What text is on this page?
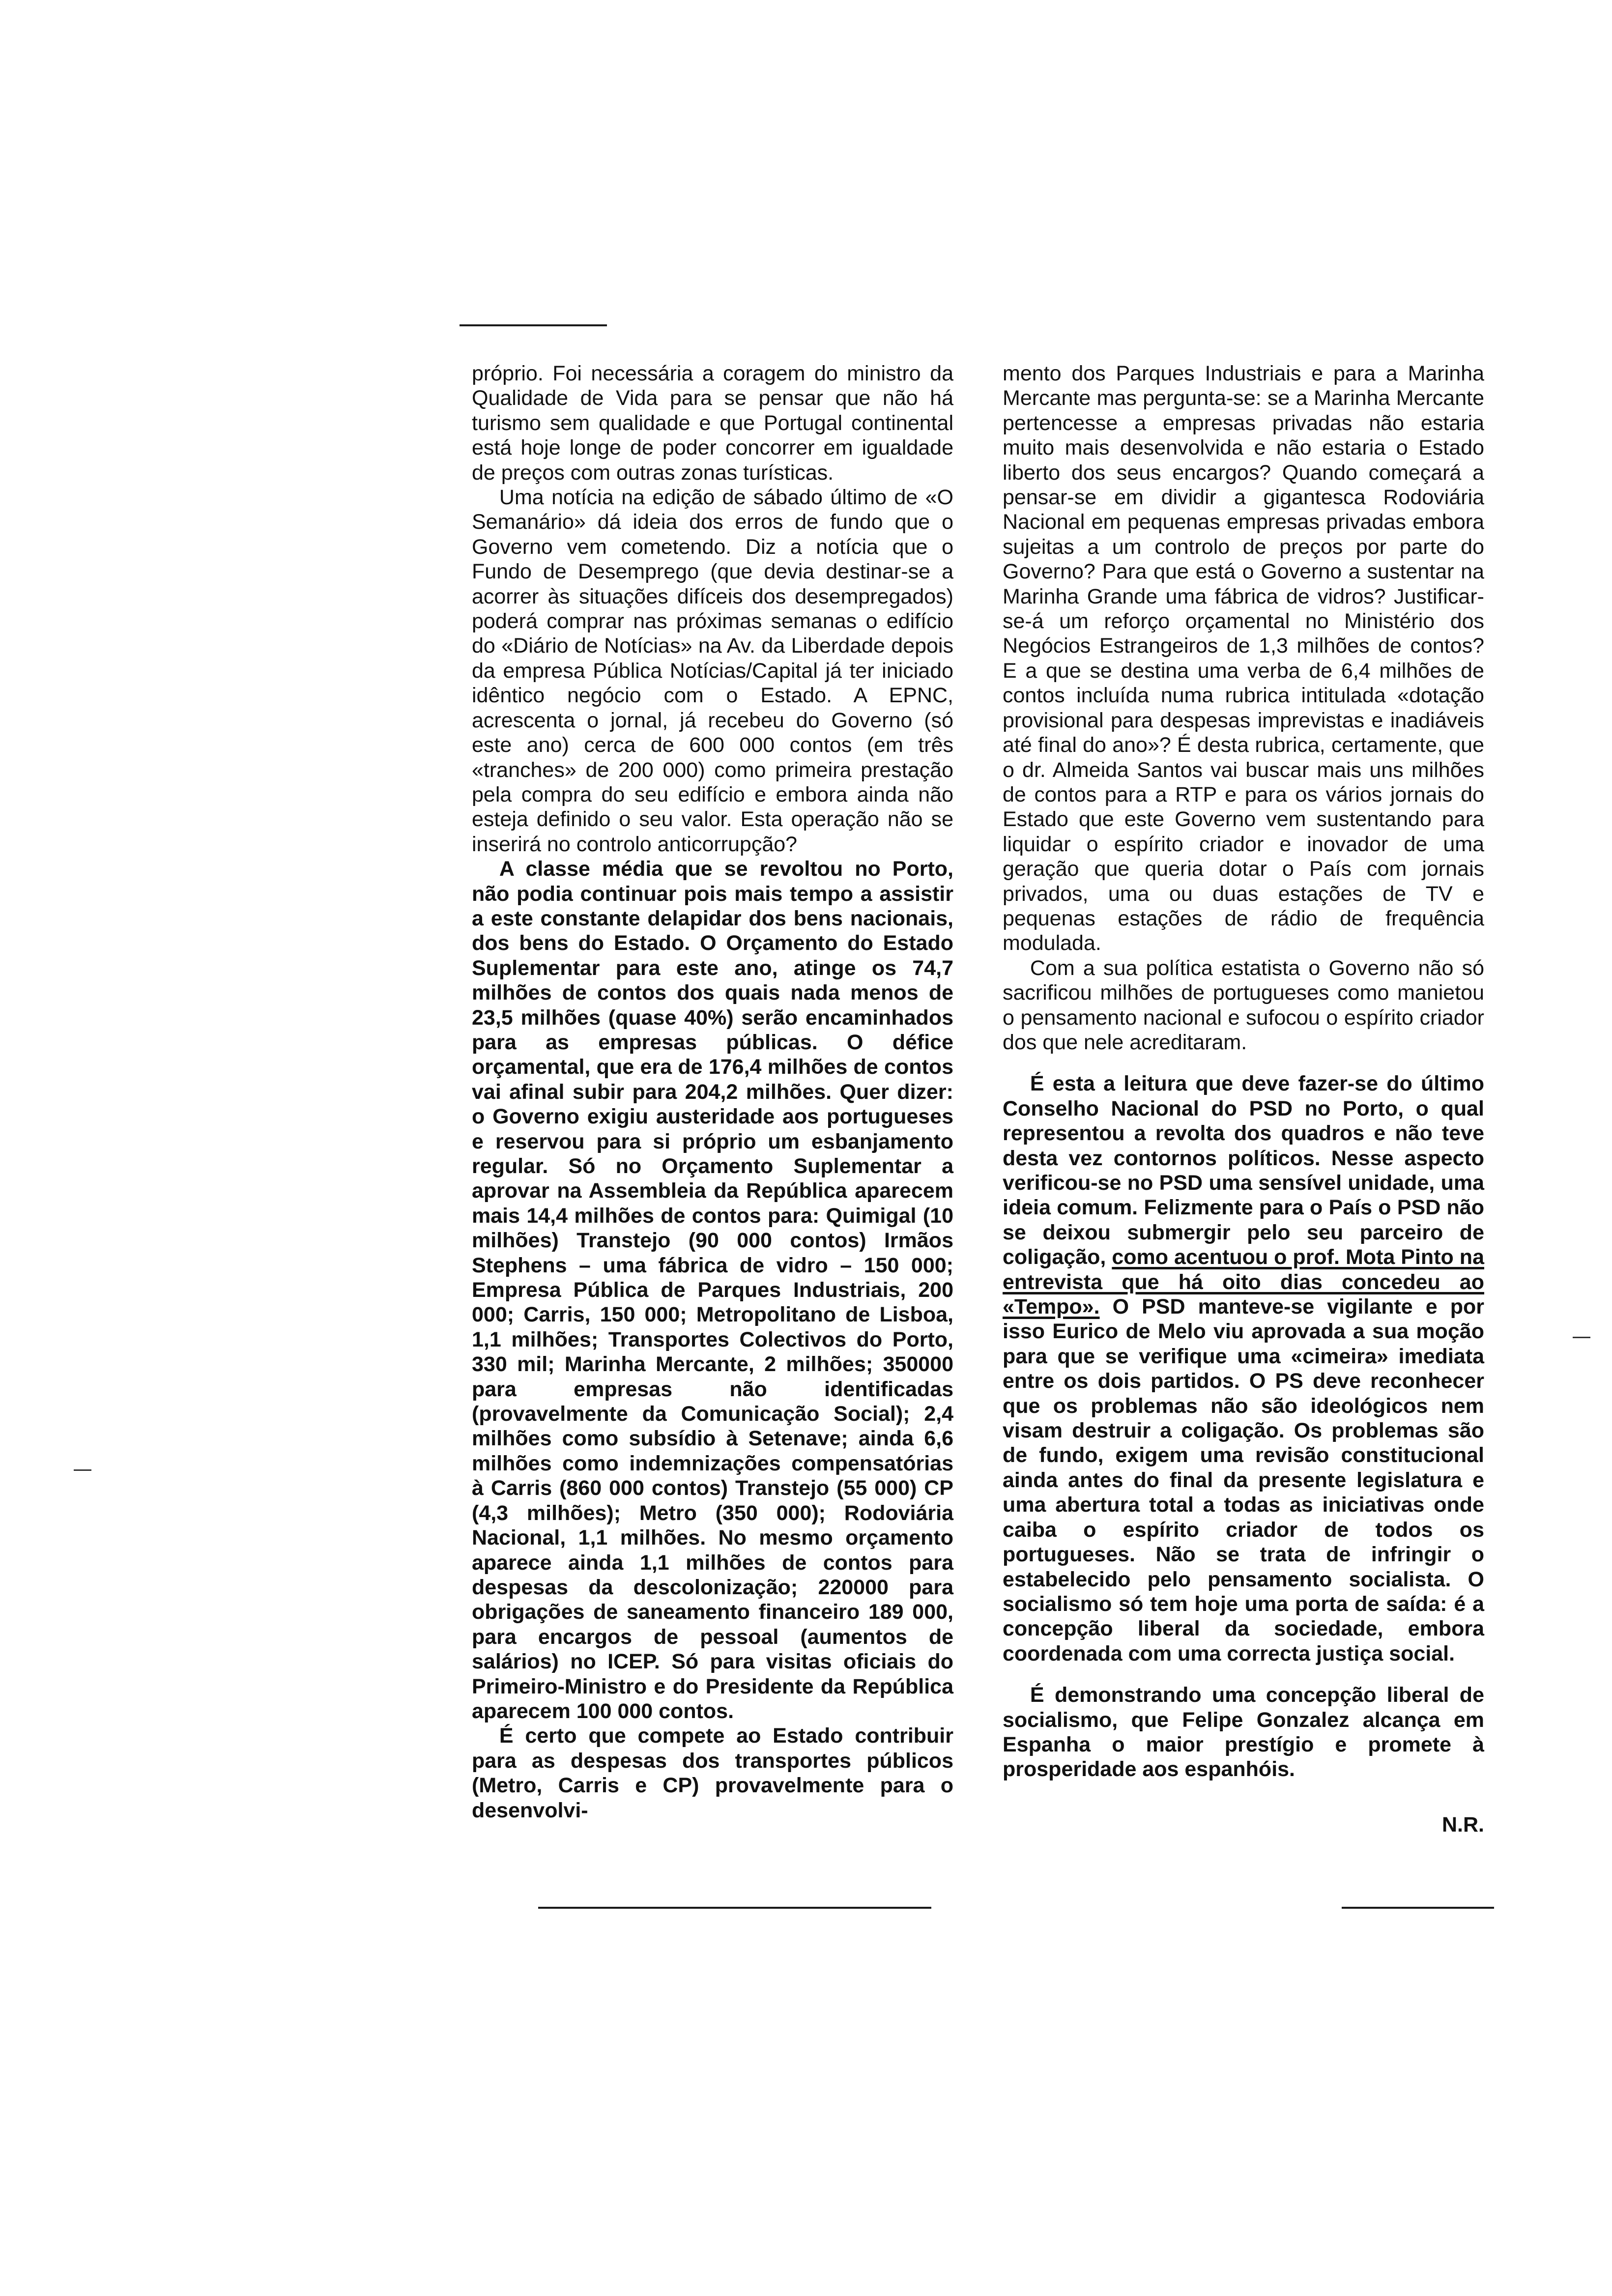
próprio. Foi necessária a coragem do ministro da Qualidade de Vida para se pensar que não há turismo sem qualidade e que Portugal continental está hoje longe de poder concorrer em igualdade de preços com outras zonas turísticas.

Uma notícia na edição de sábado último de «O Semanário» dá ideia dos erros de fundo que o Governo vem cometendo. Diz a notícia que o Fundo de Desemprego (que devia destinar-se a acorrer às situações difíceis dos desempregados) poderá comprar nas próximas semanas o edifício do «Diário de Notícias» na Av. da Liberdade depois da empresa Pública Notícias/Capital já ter iniciado idêntico negócio com o Estado. A EPNC, acrescenta o jornal, já recebeu do Governo (só este ano) cerca de 600 000 contos (em três «tranches» de 200 000) como primeira prestação pela compra do seu edifício e embora ainda não esteja definido o seu valor. Esta operação não se inserirá no controlo anticorrupção?

A classe média que se revoltou no Porto, não podia continuar pois mais tempo a assistir a este constante delapidar dos bens nacionais, dos bens do Estado. O Orçamento do Estado Suplementar para este ano, atinge os 74,7 milhões de contos dos quais nada menos de 23,5 milhões (quase 40%) serão encaminhados para as empresas públicas. O défice orçamental, que era de 176,4 milhões de contos vai afinal subir para 204,2 milhões. Quer dizer: o Governo exigiu austeridade aos portugueses e reservou para si próprio um esbanjamento regular. Só no Orçamento Suplementar a aprovar na Assembleia da República aparecem mais 14,4 milhões de contos para: Quimigal (10 milhões) Transtejo (90 000 contos) Irmãos Stephens – uma fábrica de vidro – 150 000; Empresa Pública de Parques Industriais, 200 000; Carris, 150 000; Metropolitano de Lisboa, 1,1 milhões; Transportes Colectivos do Porto, 330 mil; Marinha Mercante, 2 milhões; 350000 para empresas não identificadas (provavelmente da Comunicação Social); 2,4 milhões como subsídio à Setenave; ainda 6,6 milhões como indemnizações compensatórias à Carris (860 000 contos) Transtejo (55 000) CP (4,3 milhões); Metro (350 000); Rodoviária Nacional, 1,1 milhões. No mesmo orçamento aparece ainda 1,1 milhões de contos para despesas da descolonização; 220000 para obrigações de saneamento financeiro 189 000, para encargos de pessoal (aumentos de salários) no ICEP. Só para visitas oficiais do Primeiro-Ministro e do Presidente da República aparecem 100 000 contos.

É certo que compete ao Estado contribuir para as despesas dos transportes públicos (Metro, Carris e CP) provavelmente para o desenvolvi-

mento dos Parques Industriais e para a Marinha Mercante mas pergunta-se: se a Marinha Mercante pertencesse a empresas privadas não estaria muito mais desenvolvida e não estaria o Estado liberto dos seus encargos? Quando começará a pensar-se em dividir a gigantesca Rodoviária Nacional em pequenas empresas privadas embora sujeitas a um controlo de preços por parte do Governo? Para que está o Governo a sustentar na Marinha Grande uma fábrica de vidros? Justificar-se-á um reforço orçamental no Ministério dos Negócios Estrangeiros de 1,3 milhões de contos? E a que se destina uma verba de 6,4 milhões de contos incluída numa rubrica intitulada «dotação provisional para despesas imprevistas e inadiáveis até final do ano»? É desta rubrica, certamente, que o dr. Almeida Santos vai buscar mais uns milhões de contos para a RTP e para os vários jornais do Estado que este Governo vem sustentando para liquidar o espírito criador e inovador de uma geração que queria dotar o País com jornais privados, uma ou duas estações de TV e pequenas estações de rádio de frequência modulada.

Com a sua política estatista o Governo não só sacrificou milhões de portugueses como manietou o pensamento nacional e sufocou o espírito criador dos que nele acreditaram.

É esta a leitura que deve fazer-se do último Conselho Nacional do PSD no Porto, o qual representou a revolta dos quadros e não teve desta vez contornos políticos. Nesse aspecto verificou-se no PSD uma sensível unidade, uma ideia comum. Felizmente para o País o PSD não se deixou submergir pelo seu parceiro de coligação, como acentuou o prof. Mota Pinto na entrevista que há oito dias concedeu ao «Tempo». O PSD manteve-se vigilante e por isso Eurico de Melo viu aprovada a sua moção para que se verifique uma «cimeira» imediata entre os dois partidos. O PS deve reconhecer que os problemas não são ideológicos nem visam destruir a coligação. Os problemas são de fundo, exigem uma revisão constitucional ainda antes do final da presente legislatura e uma abertura total a todas as iniciativas onde caiba o espírito criador de todos os portugueses. Não se trata de infringir o estabelecido pelo pensamento socialista. O socialismo só tem hoje uma porta de saída: é a concepção liberal da sociedade, embora coordenada com uma correcta justiça social.

É demonstrando uma concepção liberal de socialismo, que Felipe Gonzalez alcança em Espanha o maior prestígio e promete à prosperidade aos espanhóis.

N.R.
